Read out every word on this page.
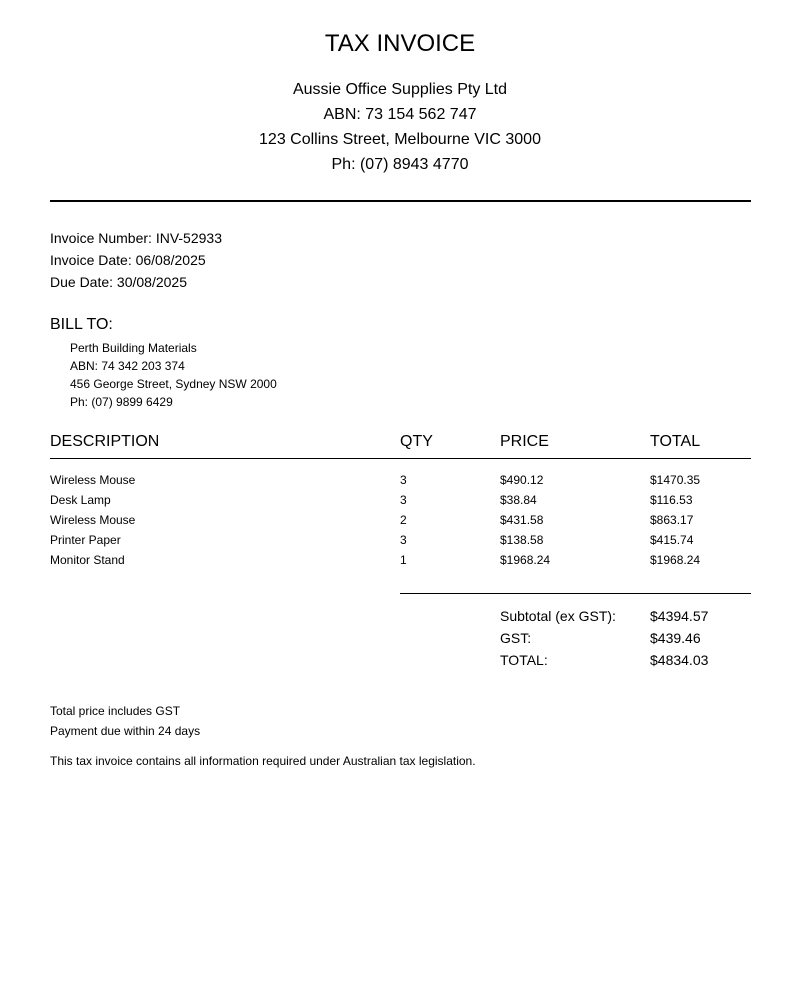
TAX INVOICE
Aussie Office Supplies Pty Ltd
ABN: 73 154 562 747
123 Collins Street, Melbourne VIC 3000
Ph: (07) 8943 4770
Invoice Number: INV-52933
Invoice Date: 06/08/2025
Due Date: 30/08/2025
BILL TO:
Perth Building Materials
ABN: 74 342 203 374
456 George Street, Sydney NSW 2000
Ph: (07) 9899 6429
DESCRIPTION	QTY	PRICE	TOTAL
Wireless Mouse	3	$490.12	$1470.35
Desk Lamp	3	$38.84	$116.53
Wireless Mouse	2	$431.58	$863.17
Printer Paper	3	$138.58	$415.74
Monitor Stand	1	$1968.24	$1968.24
Subtotal (ex GST): $4394.57
GST:	$439.46
TOTAL:	$4834.03
Total price includes GST
Payment due within 24 days
This tax invoice contains all information required under Australian tax legislation.
